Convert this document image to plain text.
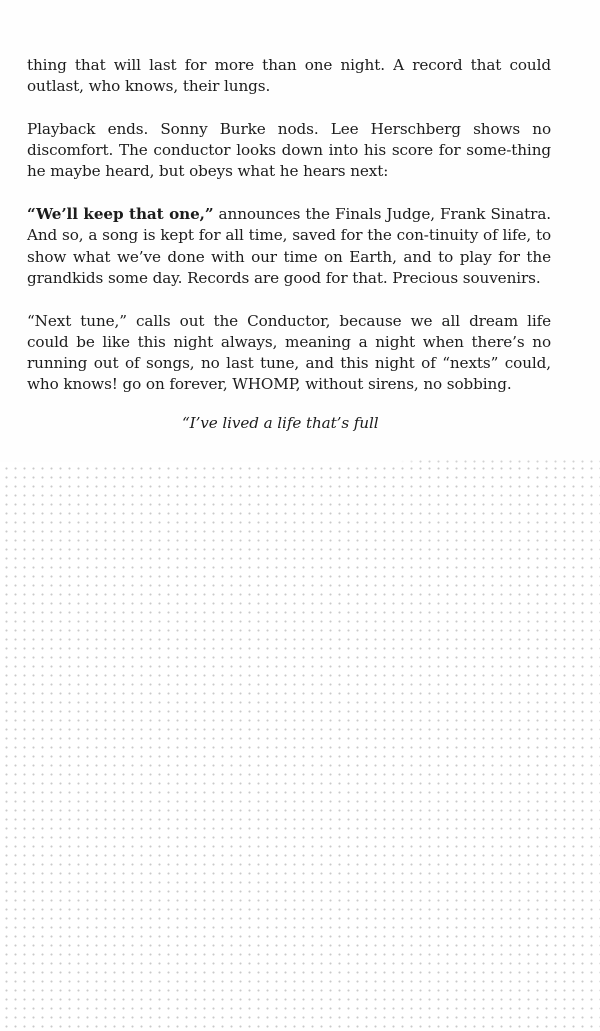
thing that will last for more than one night. A record that could outlast, who knows, their lungs.

Playback ends. Sonny Burke nods. Lee Herschberg shows no discomfort. The conductor looks down into his score for some-thing he maybe heard, but obeys what he hears next:

“We’ll keep that one,” announces the Finals Judge, Frank Sinatra. And so, a song is kept for all time, saved for the con-tinuity of life, to show what we’ve done with our time on Earth, and to play for the grandkids some day. Records are good for that. Precious souvenirs.

“Next tune,” calls out the Conductor, because we all dream life could be like this night always, meaning a night when there’s no running out of songs, no last tune, and this night of “nexts” could, who knows! go on forever, WHOMP, without sirens, no sobbing.

“I’ve lived a life that’s full
